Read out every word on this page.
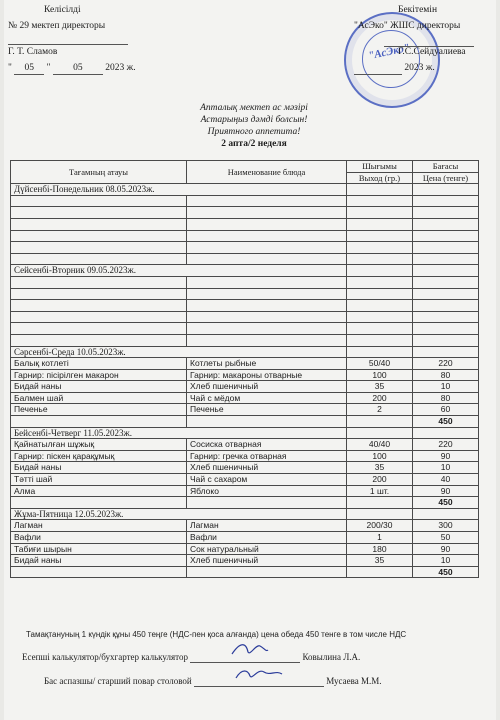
Келісілді
№ 29 мектеп директоры
Г. Т. Сламов
" 05 " 05 2023 ж.
"АсЭко"
Бекітемін
"АсЭко" ЖШС директоры
Г.С.Сейдуалиева
2023 ж.
Апталық мектеп ас мәзірі
Астарыңыз дәмді болсын!
Приятного аппетита!
2 апта/2 неделя
Тағамның атауы	Наименование блюда	Шығымы	Бағасы
		Выход (гр.)	Цена (тенге)
Дүйсенбі-Понедельник 08.05.2023ж.			

Сейсенбі-Вторник 09.05.2023ж.			

Сәрсенбі-Среда 10.05.2023ж.			
Балық котлеті	Котлеты рыбные	50/40	220
Гарнир: пісірілген макарон	Гарнир: макароны отварные	100	80
Бидай наны	Хлеб пшеничный	35	10
Балмен шай	Чай с мёдом	200	80
Печенье	Печенье	2	60
			450
Бейсенбі-Четверг 11.05.2023ж.			
Қайнатылған шұжық	Сосиска отварная	40/40	220
Гарнир: піскен қарақұмық	Гарнир: гречка отварная	100	90
Бидай наны	Хлеб пшеничный	35	10
Тәтті шай	Чай с сахаром	200	40
Алма	Яблоко	1 шт.	90
			450
Жұма-Пятница 12.05.2023ж.			
Лагман	Лагман	200/30	300
Вафли	Вафли	1	50
Табиғи шырын	Сок натуральный	180	90
Бидай наны	Хлеб пшеничный	35	10
			450
Тамақтануның 1 күндік құны 450 теңге (НДС-пен қоса алғанда) цена обеда 450 тенге в том числе НДС
Есепші калькулятор/бухгартер калькулятор	Ковылина Л.А.
Бас аспазшы/ старший повар столовой	Мусаева М.М.
